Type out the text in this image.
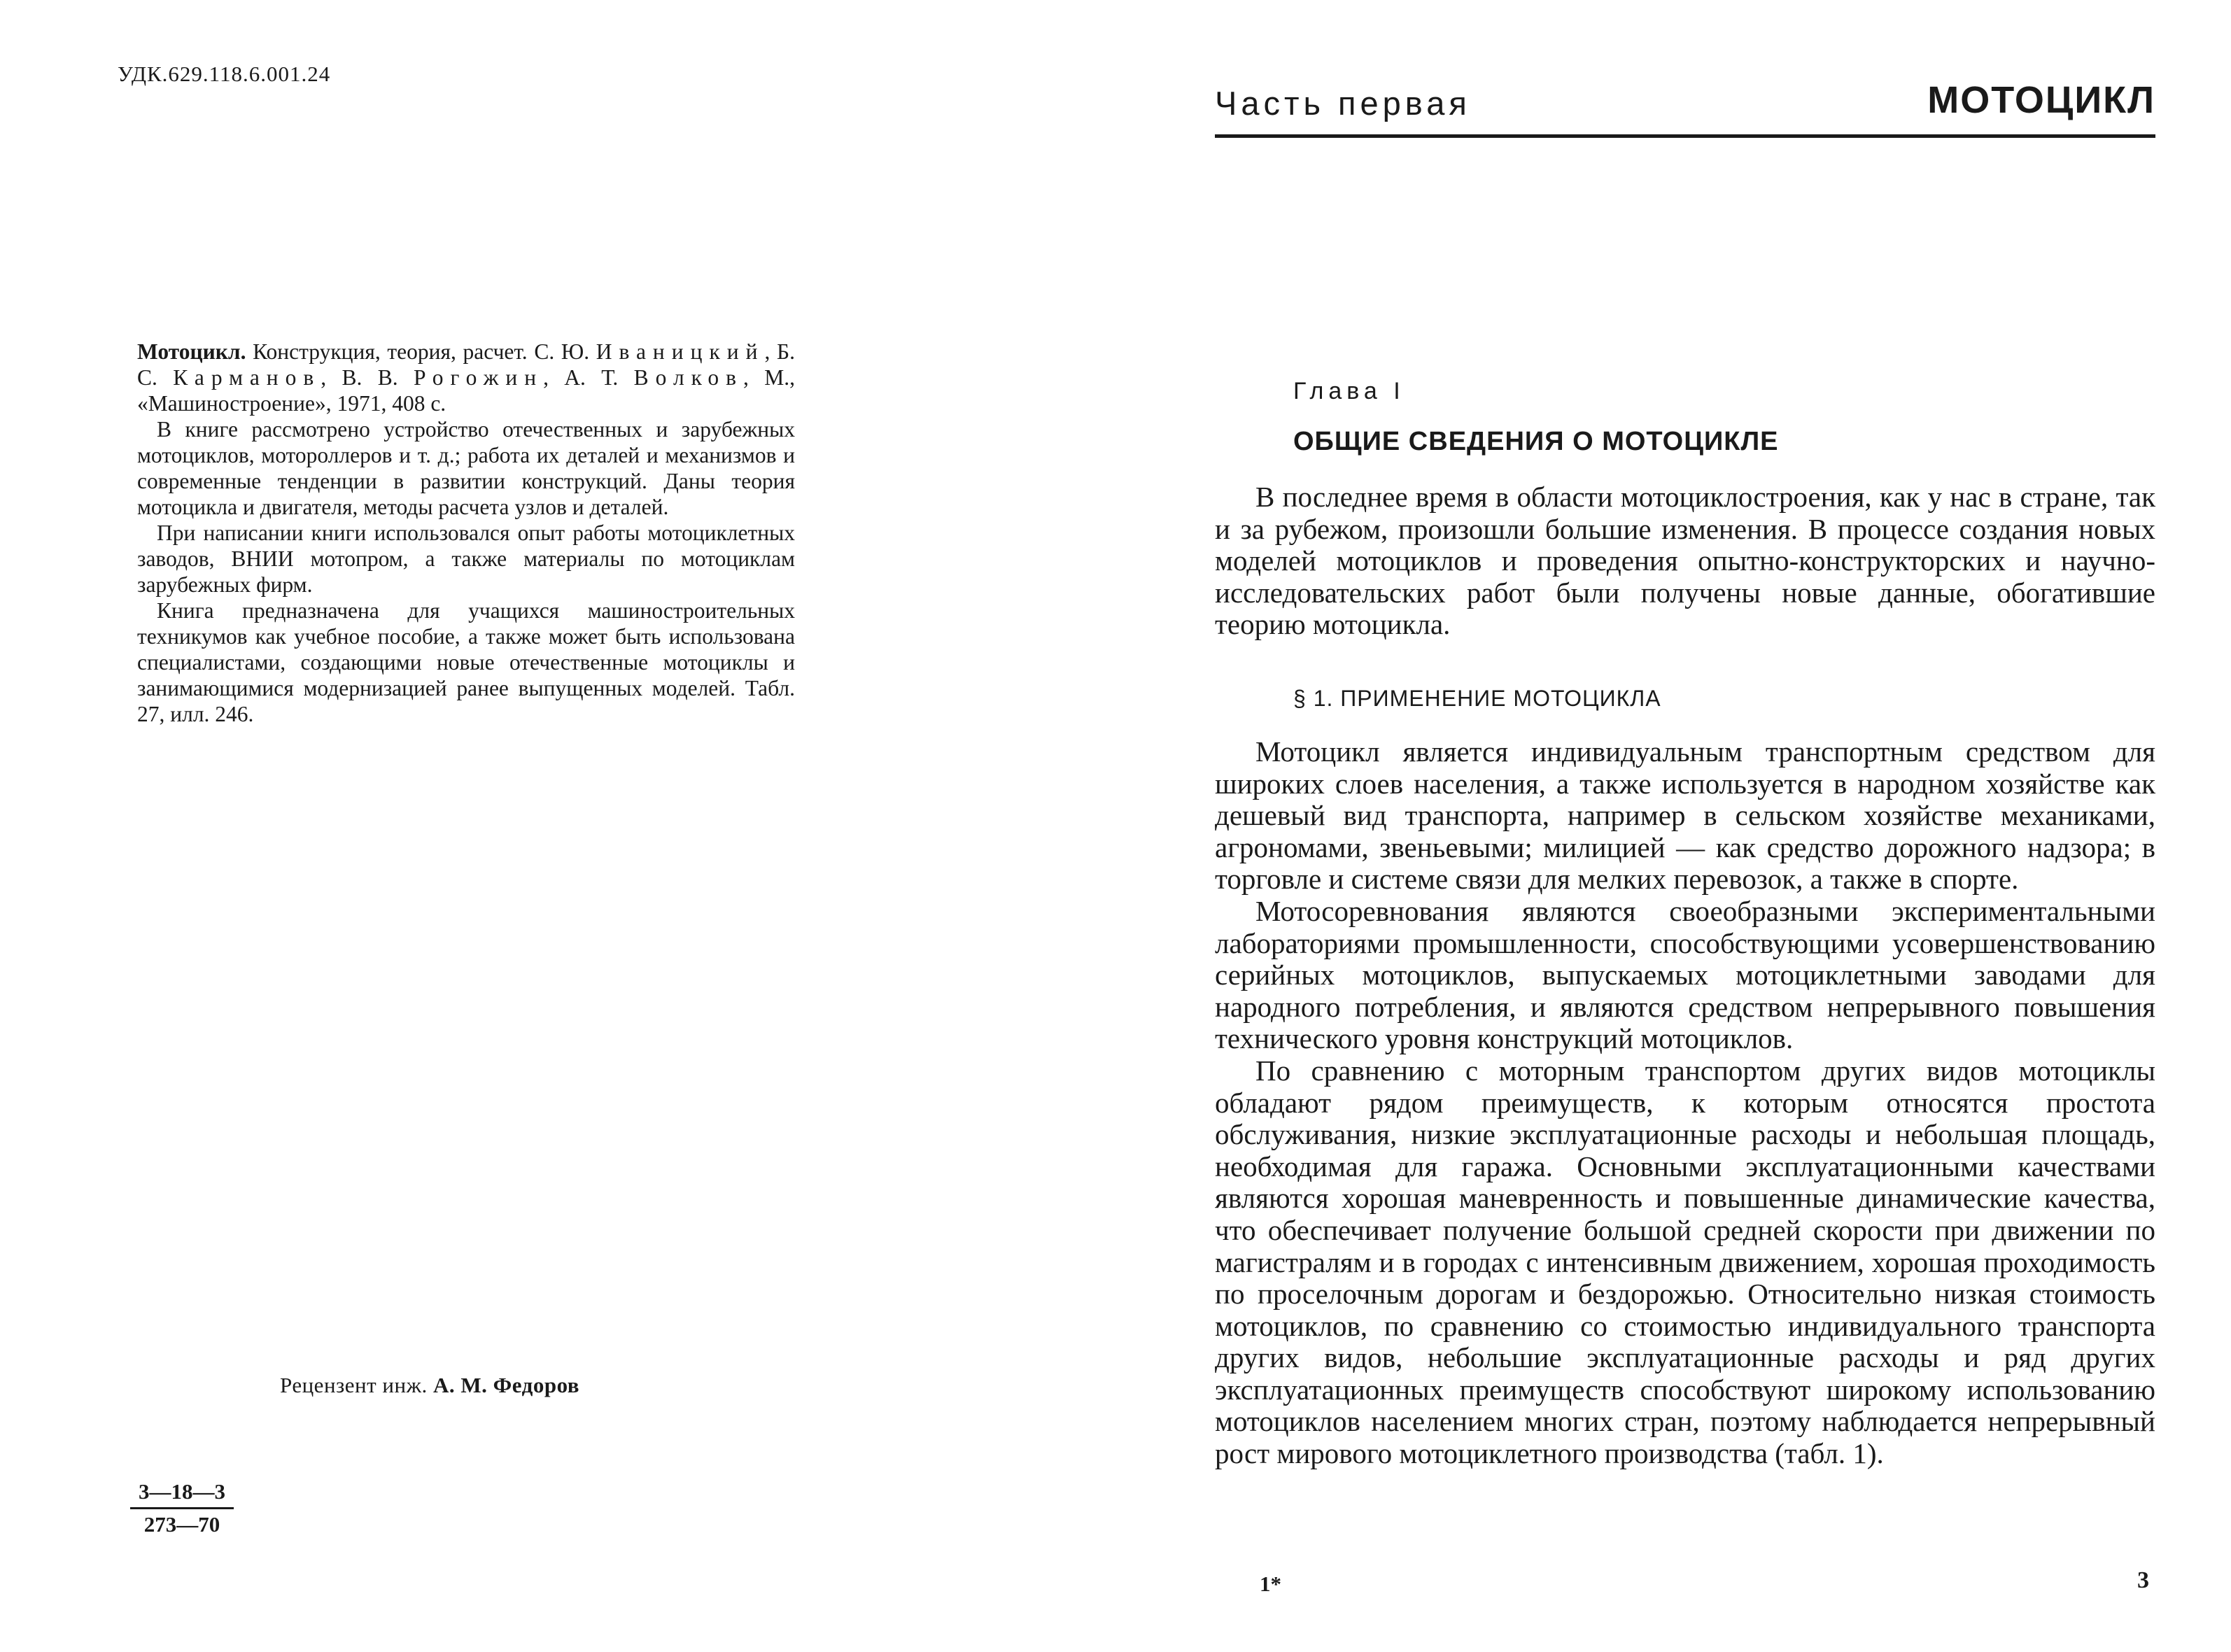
УДК.629.118.6.001.24

Мотоцикл. Конструкция, теория, расчет. С. Ю. Иваницкий, Б. С. Карманов, В. В. Рогожин, А. Т. Волков, М., «Машиностроение», 1971, 408 с.

В книге рассмотрено устройство отечественных и зарубежных мотоциклов, мотороллеров и т. д.; работа их деталей и механизмов и современные тенденции в развитии конструкций. Даны теория мотоцикла и двигателя, методы расчета узлов и деталей.

При написании книги использовался опыт работы мотоциклетных заводов, ВНИИ мотопром, а также материалы по мотоциклам зарубежных фирм.

Книга предназначена для учащихся машиностроительных техникумов как учебное пособие, а также может быть использована специалистами, создающими новые отечественные мотоциклы и занимающимися модернизацией ранее выпущенных моделей. Табл. 27, илл. 246.

Рецензент инж. А. М. Федоров
3—18—3
273—70
Часть первая	МОТОЦИКЛ
Глава I
ОБЩИЕ СВЕДЕНИЯ О МОТОЦИКЛЕ

В последнее время в области мотоциклостроения, как у нас в стране, так и за рубежом, произошли большие изменения. В процессе создания новых моделей мотоциклов и проведения опытно-конструкторских и научно-исследовательских работ были получены новые данные, обогатившие теорию мотоцикла.

§ 1. ПРИМЕНЕНИЕ МОТОЦИКЛА

Мотоцикл является индивидуальным транспортным средством для широких слоев населения, а также используется в народном хозяйстве как дешевый вид транспорта, например в сельском хозяйстве механиками, агрономами, звеньевыми; милицией — как средство дорожного надзора; в торговле и системе связи для мелких перевозок, а также в спорте.

Мотосоревнования являются своеобразными экспериментальными лабораториями промышленности, способствующими усовершенствованию серийных мотоциклов, выпускаемых мотоциклетными заводами для народного потребления, и являются средством непрерывного повышения технического уровня конструкций мотоциклов.

По сравнению с моторным транспортом других видов мотоциклы обладают рядом преимуществ, к которым относятся простота обслуживания, низкие эксплуатационные расходы и небольшая площадь, необходимая для гаража. Основными эксплуатационными качествами являются хорошая маневренность и повышенные динамические качества, что обеспечивает получение большой средней скорости при движении по магистралям и в городах с интенсивным движением, хорошая проходимость по проселочным дорогам и бездорожью. Относительно низкая стоимость мотоциклов, по сравнению со стоимостью индивидуального транспорта других видов, небольшие эксплуатационные расходы и ряд других эксплуатационных преимуществ способствуют широкому использованию мотоциклов населением многих стран, поэтому наблюдается непрерывный рост мирового мотоциклетного производства (табл. 1).

1*	3
